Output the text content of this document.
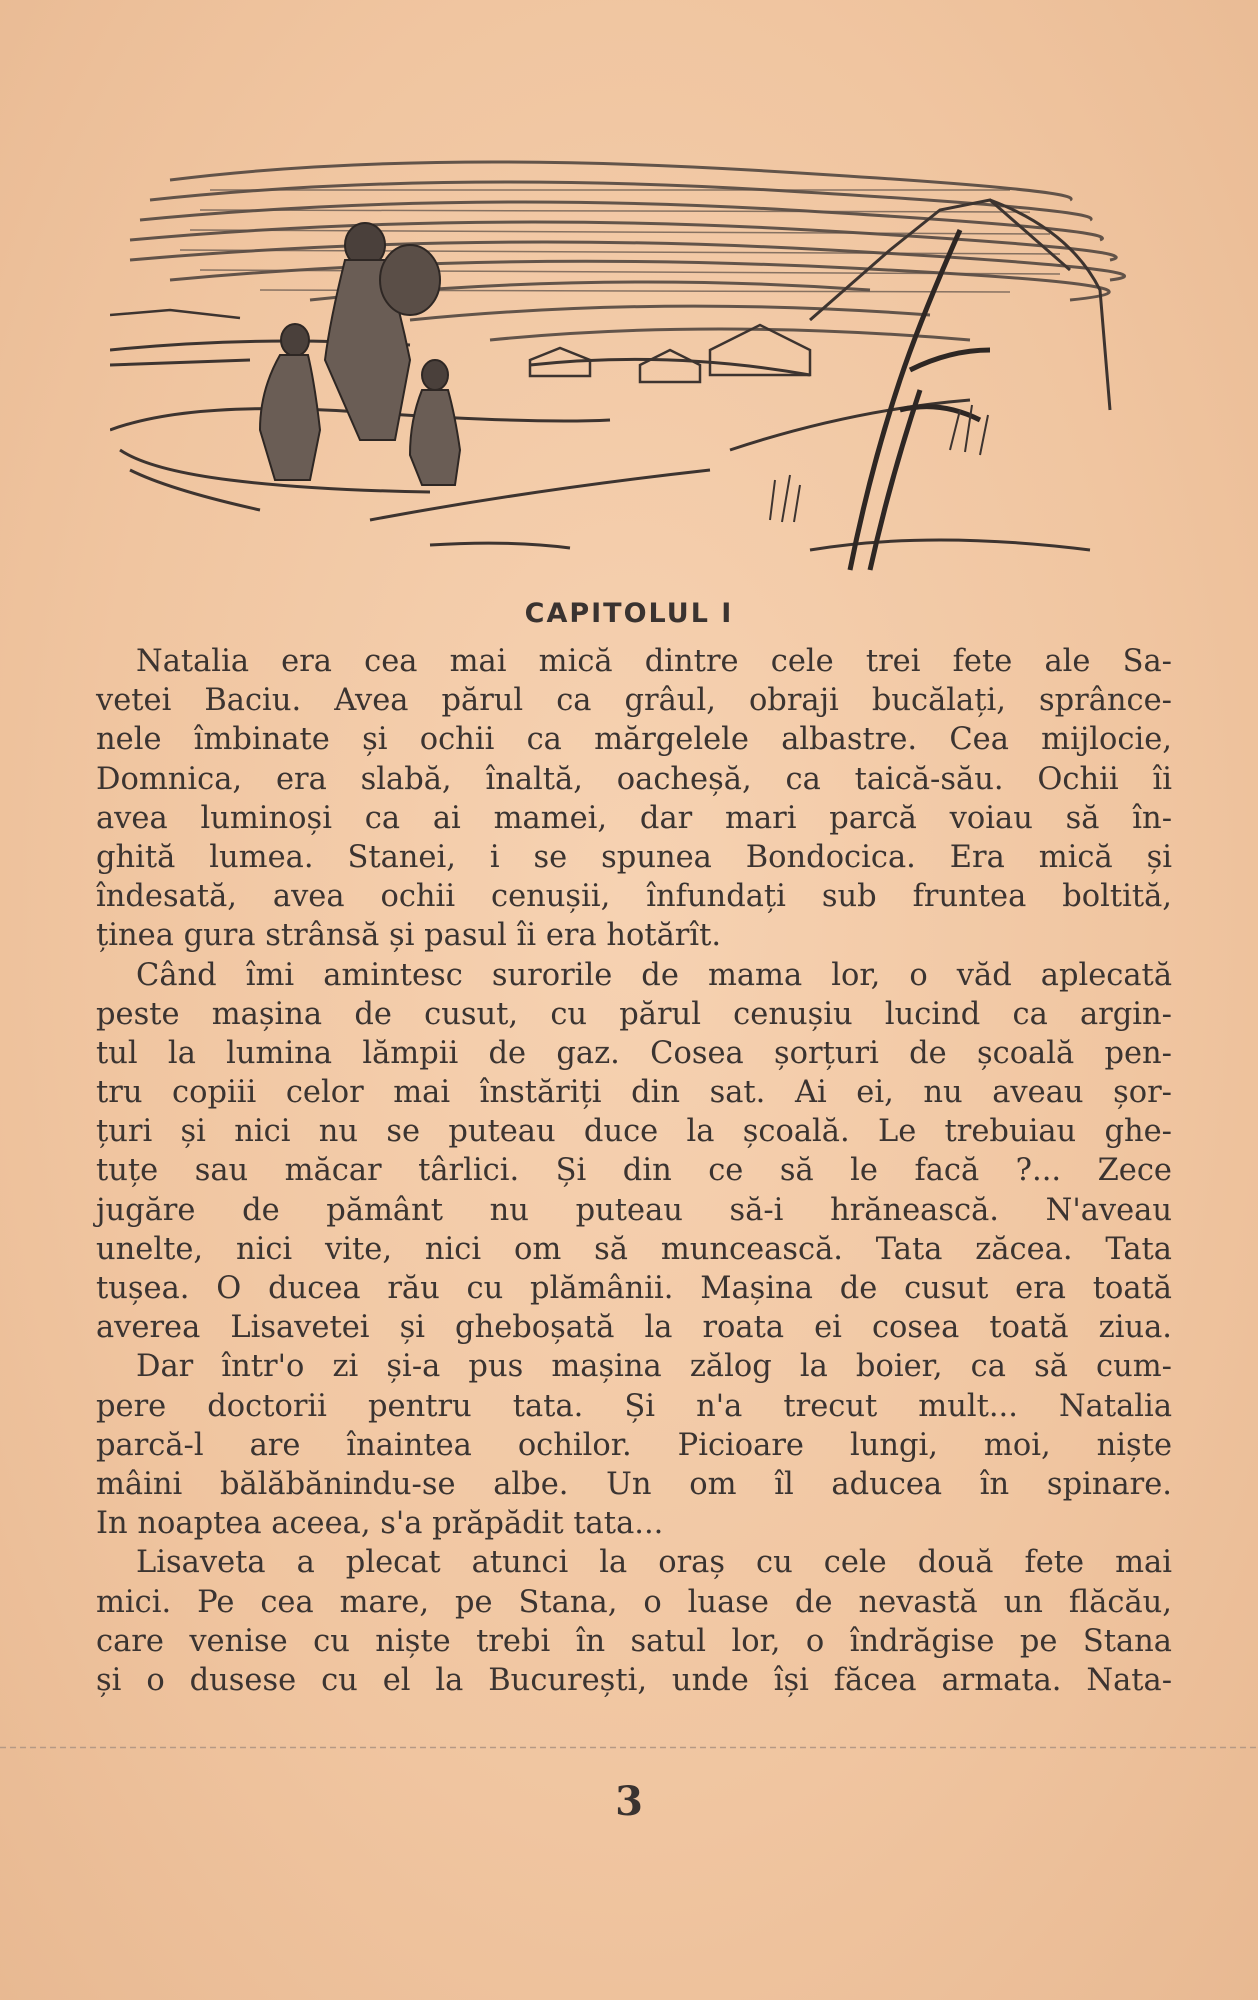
CAPITOLUL I
Natalia era cea mai mică dintre cele trei fete ale Sa-
vetei Baciu. Avea părul ca grâul, obraji bucălați, sprânce-
nele îmbinate și ochii ca mărgelele albastre. Cea mijlocie,
Domnica, era slabă, înaltă, oacheșă, ca taică-său. Ochii îi
avea luminoși ca ai mamei, dar mari parcă voiau să în-
ghită lumea. Stanei, i se spunea Bondocica. Era mică și
îndesată, avea ochii cenușii, înfundați sub fruntea boltită,
ținea gura strânsă și pasul îi era hotărît.
Când îmi amintesc surorile de mama lor, o văd aplecată
peste mașina de cusut, cu părul cenușiu lucind ca argin-
tul la lumina lămpii de gaz. Cosea șorțuri de școală pen-
tru copiii celor mai înstăriți din sat. Ai ei, nu aveau șor-
țuri și nici nu se puteau duce la școală. Le trebuiau ghe-
tuțe sau măcar târlici. Și din ce să le facă ?... Zece
jugăre de pământ nu puteau să-i hrănească. N'aveau
unelte, nici vite, nici om să muncească. Tata zăcea. Tata
tușea. O ducea rău cu plămânii. Mașina de cusut era toată
averea Lisavetei și gheboșată la roata ei cosea toată ziua.
Dar într'o zi și-a pus mașina zălog la boier, ca să cum-
pere doctorii pentru tata. Și n'a trecut mult... Natalia
parcă-l are înaintea ochilor. Picioare lungi, moi, niște
mâini bălăbănindu-se albe. Un om îl aducea în spinare.
In noaptea aceea, s'a prăpădit tata...
Lisaveta a plecat atunci la oraș cu cele două fete mai
mici. Pe cea mare, pe Stana, o luase de nevastă un flăcău,
care venise cu niște trebi în satul lor, o îndrăgise pe Stana
și o dusese cu el la București, unde își făcea armata. Nata-
3
